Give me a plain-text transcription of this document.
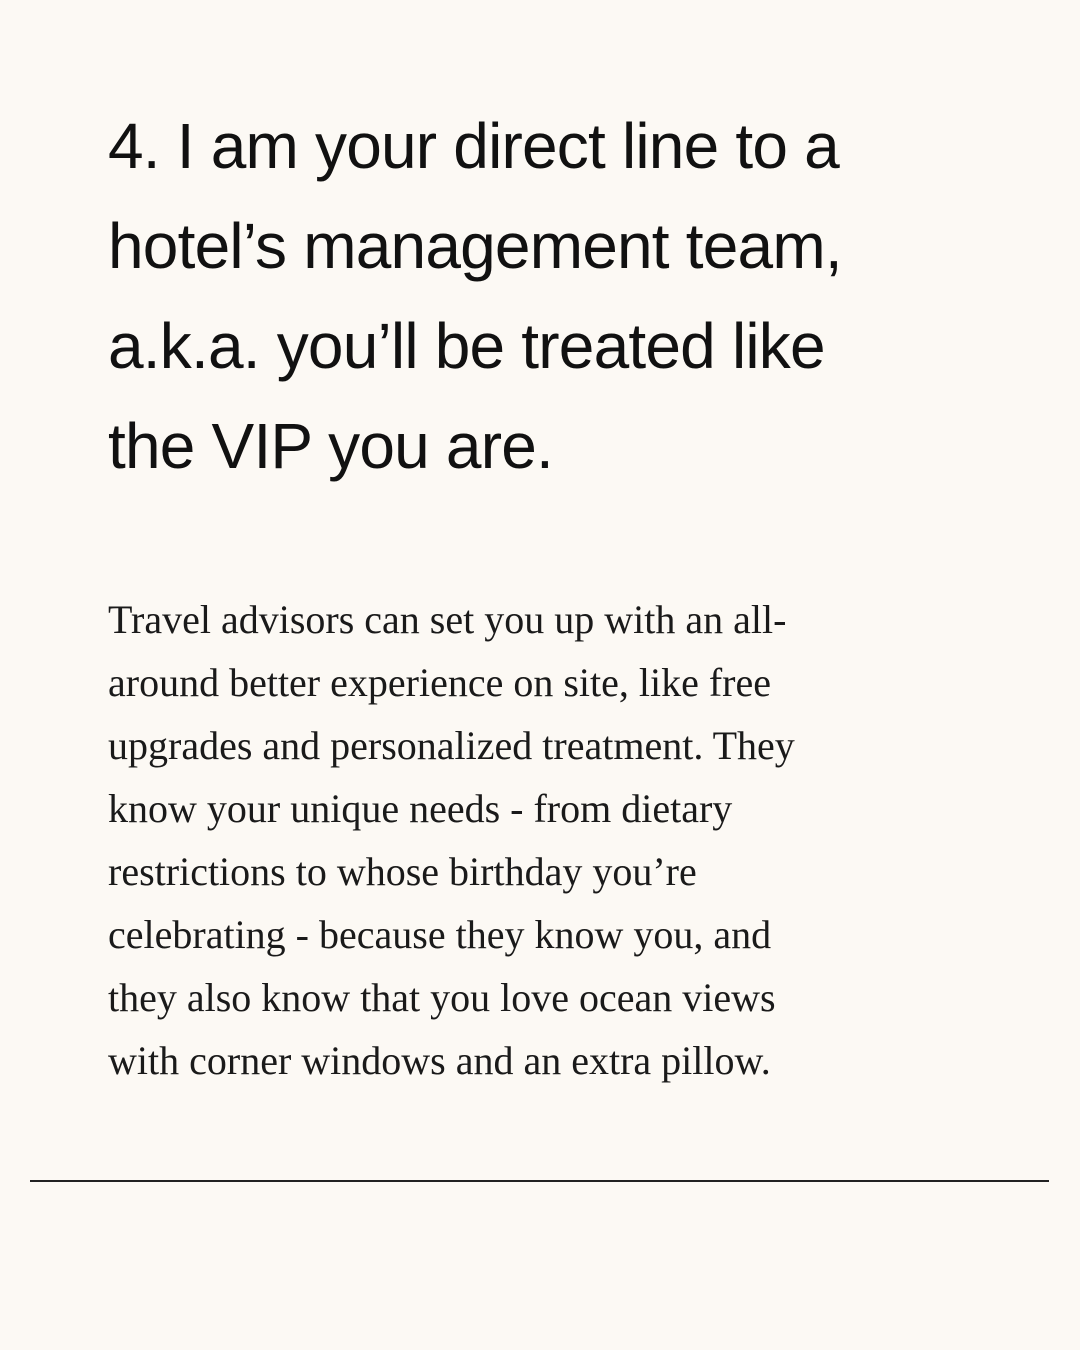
4. I am your direct line to a
hotel’s management team,
a.k.a. you’ll be treated like
the VIP you are.

Travel advisors can set you up with an all-
around better experience on site, like free
upgrades and personalized treatment. They
know your unique needs - from dietary
restrictions to whose birthday you’re
celebrating - because they know you, and
they also know that you love ocean views
with corner windows and an extra pillow.
